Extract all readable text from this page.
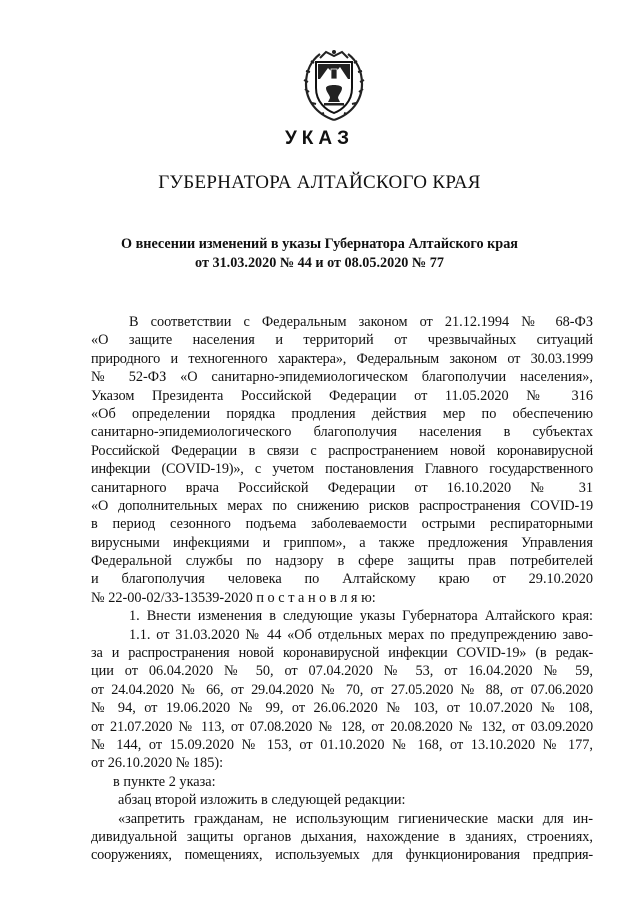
УКАЗ
ГУБЕРНАТОРА АЛТАЙСКОГО КРАЯ
О внесении изменений в указы Губернатора Алтайского края
от 31.03.2020 № 44 и от 08.05.2020 № 77
В соответствии с Федеральным законом от 21.12.1994 № 68-ФЗ
«О защите населения и территорий от чрезвычайных ситуаций
природного и техногенного характера», Федеральным законом от 30.03.1999
№ 52-ФЗ «О санитарно-эпидемиологическом благополучии населения»,
Указом Президента Российской Федерации от 11.05.2020 № 316
«Об определении порядка продления действия мер по обеспечению
санитарно-эпидемиологического благополучия населения в субъектах
Российской Федерации в связи с распространением новой коронавирусной
инфекции (COVID-19)», с учетом постановления Главного государственного
санитарного врача Российской Федерации от 16.10.2020 № 31
«О дополнительных мерах по снижению рисков распространения COVID-19
в период сезонного подъема заболеваемости острыми респираторными
вирусными инфекциями и гриппом», а также предложения Управления
Федеральной службы по надзору в сфере защиты прав потребителей
и благополучия человека по Алтайскому краю от 29.10.2020
№ 22-00-02/33-13539-2020 п о с т а н о в л я ю:
1. Внести изменения в следующие указы Губернатора Алтайского края:
1.1. от 31.03.2020 № 44 «Об отдельных мерах по предупреждению заво-
за и распространения новой коронавирусной инфекции COVID-19» (в редак-
ции от 06.04.2020 № 50, от 07.04.2020 № 53, от 16.04.2020 № 59,
от 24.04.2020 № 66, от 29.04.2020 № 70, от 27.05.2020 № 88, от 07.06.2020
№ 94, от 19.06.2020 № 99, от 26.06.2020 № 103, от 10.07.2020 № 108,
от 21.07.2020 № 113, от 07.08.2020 № 128, от 20.08.2020 № 132, от 03.09.2020
№ 144, от 15.09.2020 № 153, от 01.10.2020 № 168, от 13.10.2020 № 177,
от 26.10.2020 № 185):
в пункте 2 указа:
абзац второй изложить в следующей редакции:
«запретить гражданам, не использующим гигиенические маски для ин-
дивидуальной защиты органов дыхания, нахождение в зданиях, строениях,
сооружениях, помещениях, используемых для функционирования предприя-
